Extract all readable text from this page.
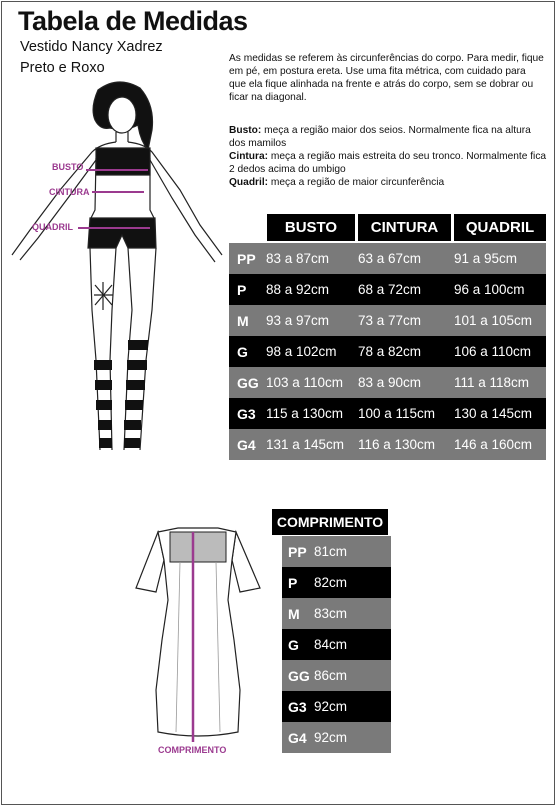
Tabela de Medidas
Vestido Nancy Xadrez
Preto e Roxo
As medidas se referem às circunferências do corpo. Para medir, fique em pé, em postura ereta. Use uma fita métrica, com cuidado para que ela fique alinhada na frente e atrás do corpo, sem se dobrar ou ficar na diagonal.

Busto: meça a região maior dos seios. Normalmente fica na altura dos mamilos

Cintura: meça a região mais estreita do seu tronco. Normalmente fica 2 dedos acima do umbigo

Quadril: meça a região de maior circunferência

BUSTO
CINTURA
QUADRIL	BUSTO	CINTURA	QUADRIL
PP 83 a 87cm	63 a 67cm	91 a 95cm
P	88 a 92cm	68 a 72cm	96 a 100cm
M	93 a 97cm	73 a 77cm	101 a 105cm
G	98 a 102cm	78 a 82cm	106 a 110cm
GG 103 a 110cm	83 a 90cm	111 a 118cm
G3 115 a 130cm	100 a 115cm	130 a 145cm
G4 131 a 145cm	116 a 130cm	146 a 160cm
COMPRIMENTO
COMPRIMENTO
PP 81cm
P	82cm
M	83cm
G	84cm
GG 86cm
G3 92cm
G4 92cm
